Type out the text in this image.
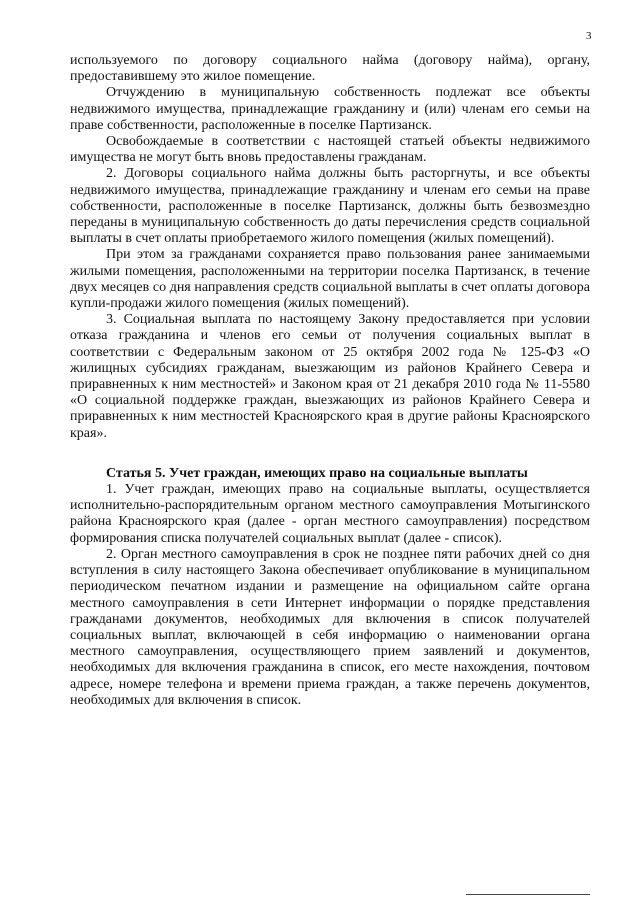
3

используемого по договору социального найма (договору найма), органу, предоставившему это жилое помещение.

Отчуждению в муниципальную собственность подлежат все объекты недвижимого имущества, принадлежащие гражданину и (или) членам его семьи на праве собственности, расположенные в поселке Партизанск.

Освобождаемые в соответствии с настоящей статьей объекты недвижимого имущества не могут быть вновь предоставлены гражданам.

2. Договоры социального найма должны быть расторгнуты, и все объекты недвижимого имущества, принадлежащие гражданину и членам его семьи на праве собственности, расположенные в поселке Партизанск, должны быть безвозмездно переданы в муниципальную собственность до даты перечисления средств социальной выплаты в счет оплаты приобретаемого жилого помещения (жилых помещений).

При этом за гражданами сохраняется право пользования ранее занимаемыми жилыми помещения, расположенными на территории поселка Партизанск, в течение двух месяцев со дня направления средств социальной выплаты в счет оплаты договора купли-продажи жилого помещения (жилых помещений).

3. Социальная выплата по настоящему Закону предоставляется при условии отказа гражданина и членов его семьи от получения социальных выплат в соответствии с Федеральным законом от 25 октября 2002 года № 125-ФЗ «О жилищных субсидиях гражданам, выезжающим из районов Крайнего Севера и приравненных к ним местностей» и Законом края от 21 декабря 2010 года № 11-5580 «О социальной поддержке граждан, выезжающих из районов Крайнего Севера и приравненных к ним местностей Красноярского края в другие районы Красноярского края».

Статья 5. Учет граждан, имеющих право на социальные выплаты

1. Учет граждан, имеющих право на социальные выплаты, осуществляется исполнительно-распорядительным органом местного самоуправления Мотыгинского района Красноярского края (далее - орган местного самоуправления) посредством формирования списка получателей социальных выплат (далее - список).

2. Орган местного самоуправления в срок не позднее пяти рабочих дней со дня вступления в силу настоящего Закона обеспечивает опубликование в муниципальном периодическом печатном издании и размещение на официальном сайте органа местного самоуправления в сети Интернет информации о порядке представления гражданами документов, необходимых для включения в список получателей социальных выплат, включающей в себя информацию о наименовании органа местного самоуправления, осуществляющего прием заявлений и документов, необходимых для включения гражданина в список, его месте нахождения, почтовом адресе, номере телефона и времени приема граждан, а также перечень документов, необходимых для включения в список.
